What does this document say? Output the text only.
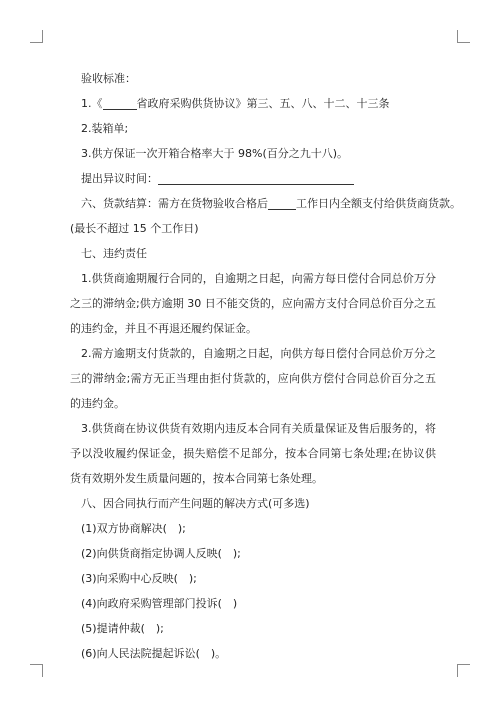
验收标准：

1.《	省政府采购供货协议》第三、五、八、十二、十三条

2.装箱单;

3.供方保证一次开箱合格率大于 98%(百分之九十八)。

提出异议时间：

六、货款结算：需方在货物验收合格后	工作日内全额支付给供货商货款。

(最长不超过 15 个工作日)

七、违约责任

1.供货商逾期履行合同的，自逾期之日起，向需方每日偿付合同总价万分之三的滞纳金;供方逾期 30 日不能交货的，应向需方支付合同总价百分之五的违约金，并且不再退还履约保证金。

2.需方逾期支付货款的，自逾期之日起，向供方每日偿付合同总价万分之三的滞纳金;需方无正当理由拒付货款的，应向供方偿付合同总价百分之五的违约金。

3.供货商在协议供货有效期内违反本合同有关质量保证及售后服务的，将予以没收履约保证金，损失赔偿不足部分，按本合同第七条处理;在协议供货有效期外发生质量问题的，按本合同第七条处理。

八、因合同执行而产生问题的解决方式(可多选)

(1)双方协商解决(　);

(2)向供货商指定协调人反映(　);

(3)向采购中心反映(　);

(4)向政府采购管理部门投诉(　)

(5)提请仲裁(　);

(6)向人民法院提起诉讼(　)。
